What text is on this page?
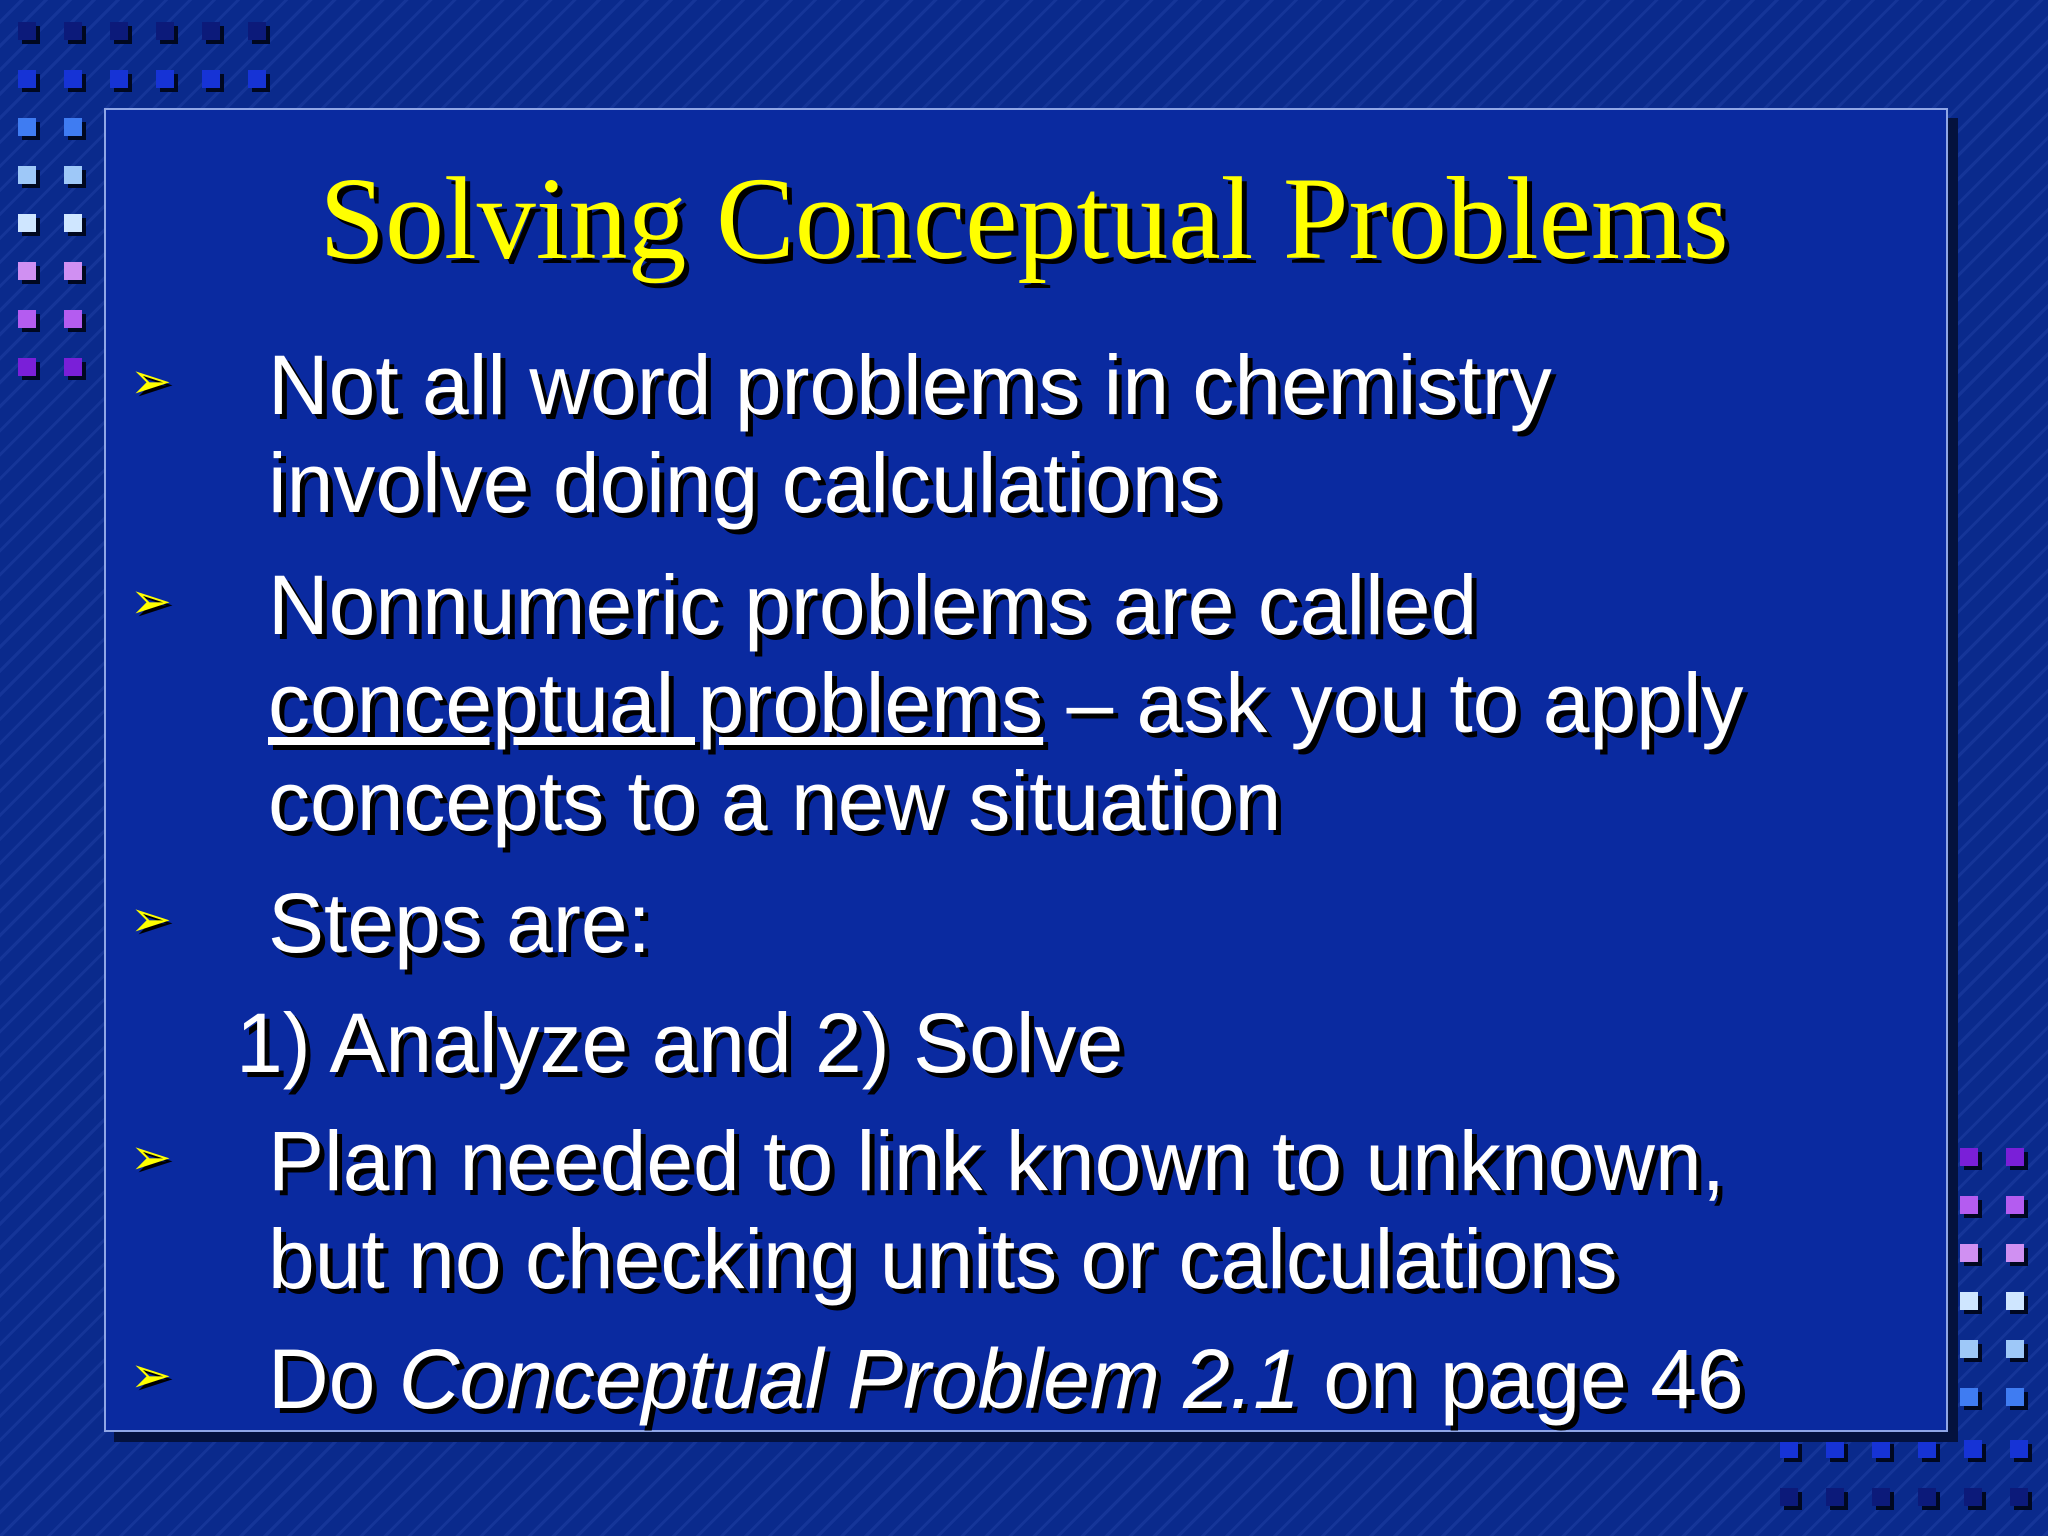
Solving Conceptual Problems
➢ Not all word problems in chemistry
involve doing calculations
➢ Nonnumeric problems are called
conceptual problems – ask you to apply
concepts to a new situation
➢ Steps are:
1) Analyze and 2) Solve
➢ Plan needed to link known to unknown,
but no checking units or calculations
➢ Do Conceptual Problem 2.1 on page 46
